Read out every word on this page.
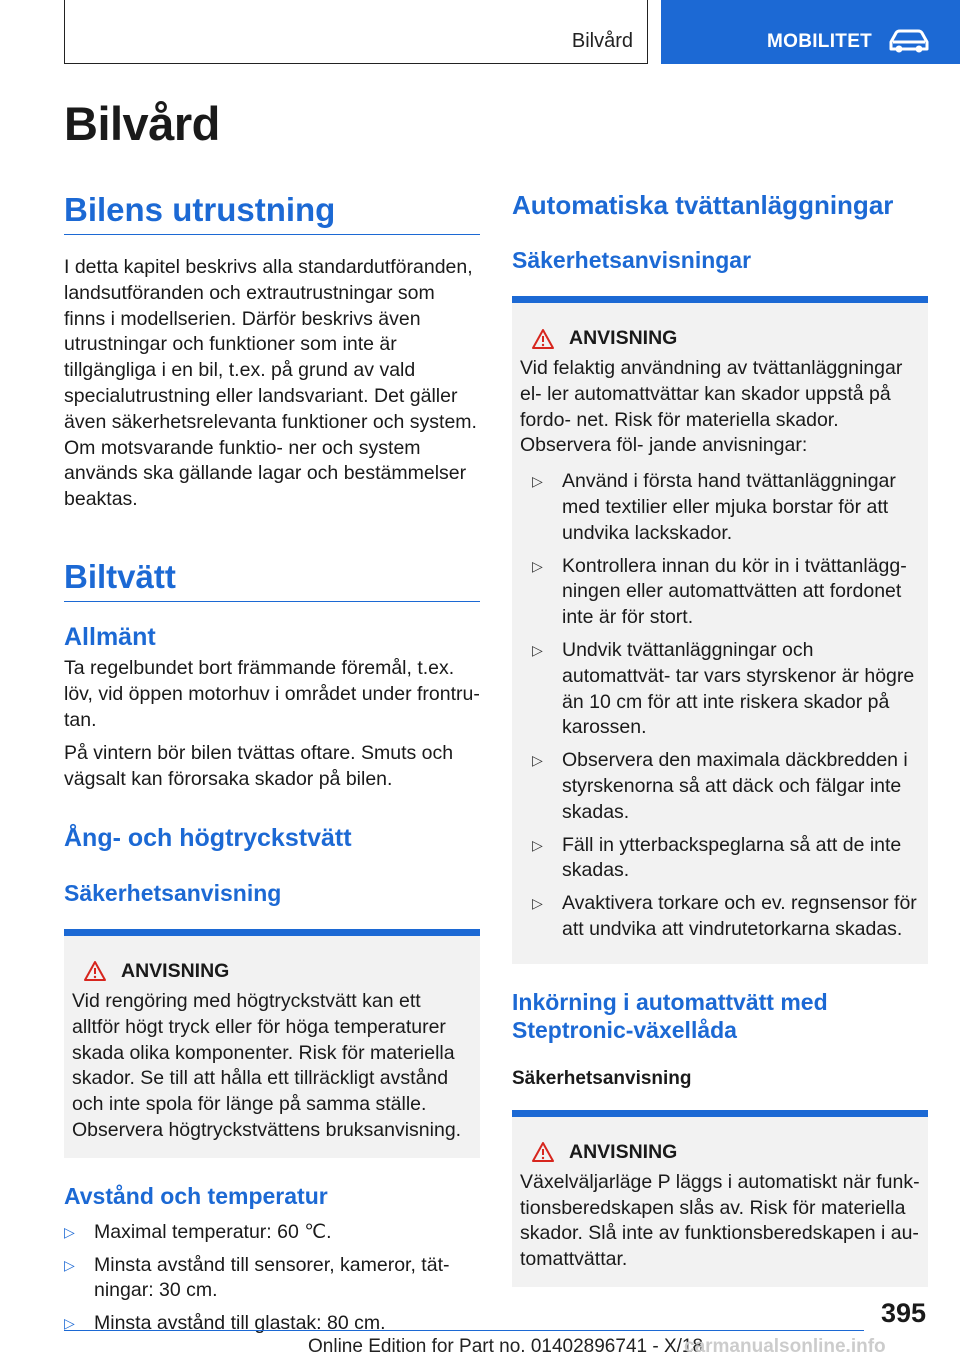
Bilvård	MOBILITET
Bilvård
Bilens utrustning

I detta kapitel beskrivs alla standardutföranden, landsutföranden och extrautrustningar som finns i modellserien. Därför beskrivs även utrustningar och funktioner som inte är tillgängliga i en bil, t.ex. på grund av vald specialutrustning eller landsvariant. Det gäller även säkerhetsrelevanta funktioner och system. Om motsvarande funktio- ner och system används ska gällande lagar och bestämmelser beaktas.

Biltvätt
Allmänt

Ta regelbundet bort främmande föremål, t.ex. löv, vid öppen motorhuv i området under frontru- tan.

På vintern bör bilen tvättas oftare. Smuts och vägsalt kan förorsaka skador på bilen.

Ång- och högtryckstvätt
Säkerhetsanvisning
ANVISNING

Vid rengöring med högtryckstvätt kan ett alltför högt tryck eller för höga temperaturer skada olika komponenter. Risk för materiella skador. Se till att hålla ett tillräckligt avstånd och inte spola för länge på samma ställe. Observera högtryckstvättens bruksanvisning.

Avstånd och temperatur
▷ Maximal temperatur: 60 ℃.
▷ Minsta avstånd till sensorer, kameror, tät- ningar: 30 cm.
▷ Minsta avstånd till glastak: 80 cm.
Automatiska tvättanläggningar
Säkerhetsanvisningar
ANVISNING

Vid felaktig användning av tvättanläggningar el- ler automattvättar kan skador uppstå på fordo- net. Risk för materiella skador. Observera föl- jande anvisningar:

▷ Använd i första hand tvättanläggningar med textilier eller mjuka borstar för att undvika lackskador.
▷ Kontrollera innan du kör in i tvättanlägg- ningen eller automattvätten att fordonet inte är för stort.
▷ Undvik tvättanläggningar och automattvät- tar vars styrskenor är högre än 10 cm för att inte riskera skador på karossen.
▷ Observera den maximala däckbredden i styrskenorna så att däck och fälgar inte skadas.
▷ Fäll in ytterbackspeglarna så att de inte skadas.
▷ Avaktivera torkare och ev. regnsensor för att undvika att vindrutetorkarna skadas.
Inkörning i automattvätt med Steptronic-växellåda

Säkerhetsanvisning

ANVISNING

Växelväljarläge P läggs i automatiskt när funk- tionsberedskapen slås av. Risk för materiella skador. Slå inte av funktionsberedskapen i au- tomattvättar.

395
Online Edition for Part no. 01402896741 - X/18
carmanualsonline.info
